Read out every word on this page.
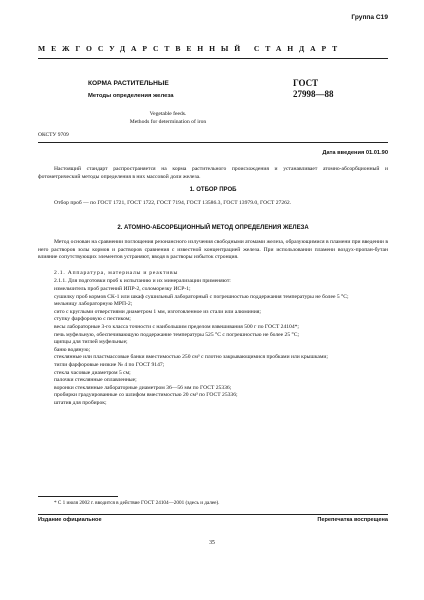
Группа С19
МЕЖГОСУДАРСТВЕННЫЙ СТАНДАРТ
КОРМА РАСТИТЕЛЬНЫЕ
Методы определения железа
Vegetable feeds.
Methods for determination of iron
ГОСТ
27998—88
ОКСТУ 9709
Дата введения 01.01.90
Настоящий стандарт распространяется на корма растительного происхождения и устанавливает атомно-абсорбционный и фотометрический методы определения в них массовой доли железа.
1. ОТБОР ПРОБ
Отбор проб — по ГОСТ 1721, ГОСТ 1722, ГОСТ 7194, ГОСТ 13586.3, ГОСТ 13979.0, ГОСТ 27262.
2. АТОМНО-АБСОРБЦИОННЫЙ МЕТОД ОПРЕДЕЛЕНИЯ ЖЕЛЕЗА
Метод основан на сравнении поглощения резонансного излучения свободными атомами железа, образующимися в пламени при введении в него растворов золы кормов и растворов сравнения с известной концентрацией железа. При использовании пламени воздух-пропан-бутан влияние сопутствующих элементов устраняют, вводя в растворы избыток стронция.
2.1. Аппаратура, материалы и реактивы
2.1.1. Для подготовки проб к испытанию и их минерализации применяют:
измельчитель проб растений ИПР-2, соломорезку ИСР-1;
сушилку проб кормов СК-1 или шкаф сушильный лабораторный с погрешностью поддержания температуры не более 5 °С;
мельницу лабораторную МРП-2;
сито с круглыми отверстиями диаметром 1 мм, изготовленное из стали или алюминия;
ступку фарфоровую с пестиком;
весы лабораторные 3-го класса точности с наибольшим пределом взвешивания 500 г по ГОСТ 24104*;
печь муфельную, обеспечивающую поддержание температуры 525 °С с погрешностью не более 25 °С;
щипцы для тиглей муфельные;
баню водяную;
стеклянные или пластмассовые банки вместимостью 250 см³ с плотно закрывающимися пробками или крышками;
тигли фарфоровые низкие № 4 по ГОСТ 9147;
стекла часовые диаметром 5 см;
палочки стеклянные оплавленные;
воронки стеклянные лабораторные диаметром 36—56 мм по ГОСТ 25336;
пробирки градуированные со шлифом вместимостью 20 см³ по ГОСТ 25336;
штатив для пробирок;
* С 1 июля 2002 г. вводится в действие ГОСТ 24104—2001 (здесь и далее).
Издание официальное	Перепечатка воспрещена
35
